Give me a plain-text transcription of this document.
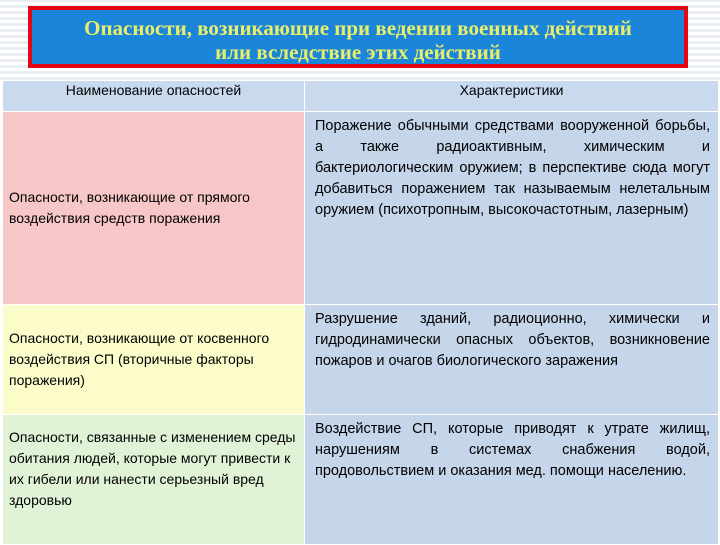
Опасности, возникающие при ведении военных действий
или вследствие этих действий
Наименование опасностей	Характеристики
Опасности, возникающие от прямого воздействия средств поражения	Поражение обычными средствами вооруженной борьбы, а также радиоактивным, химическим и бактериологическим оружием; в перспективе сюда могут добавиться поражением так называемым нелетальным оружием (психотропным, высокочастотным, лазерным)
Опасности, возникающие от косвенного воздействия СП (вторичные факторы поражения)	Разрушение зданий, радиоционно, химически и гидродинамически опасных объектов, возникновение пожаров и очагов биологического заражения
Опасности, связанные с изменением среды обитания людей, которые могут привести к их гибели или нанести серьезный вред здоровью	Воздействие СП, которые приводят к утрате жилищ, нарушениям в системах снабжения водой, продовольствием и оказания мед. помощи населению.
